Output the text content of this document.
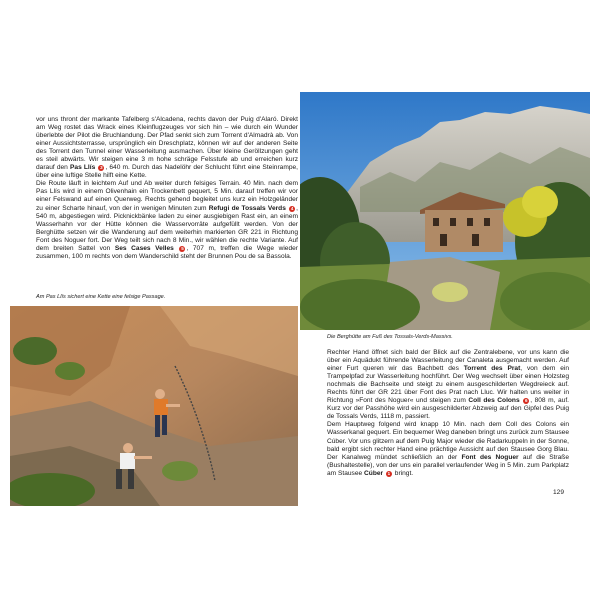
vor uns thront der markante Tafelberg s'Alcadena, rechts davon der Puig d'Alaró. Direkt am Weg rostet das Wrack eines Kleinflugzeuges vor sich hin – wie durch ein Wunder überlebte der Pilot die Bruchlandung. Der Pfad senkt sich zum Torrent d'Almadrà ab. Von einer Aussichtsterrasse, ursprünglich ein Dreschplatz, können wir auf der anderen Seite des Torrent den Tunnel einer Wasserleitung ausmachen. Über kleine Geröllzungen geht es steil abwärts. Wir steigen eine 3 m hohe schräge Felsstufe ab und erreichen kurz darauf den Pas Llís 3 , 640 m. Durch das Nadelöhr der Schlucht führt eine Steinrampe, über eine luftige Stelle hilft eine Kette.

Die Route läuft in leichtem Auf und Ab weiter durch felsiges Terrain. 40 Min. nach dem Pas Llís wird in einem Olivenhain ein Trockenbett gequert, 5 Min. darauf treffen wir vor einer Felswand auf einen Querweg. Rechts gehend begleitet uns kurz ein Holzgeländer zu einer Scharte hinauf, von der in wenigen Minuten zum Refugi de Tossals Verds 4 , 540 m, abgestiegen wird. Picknickbänke laden zu einer ausgiebigen Rast ein, an einem Wasserhahn vor der Hütte können die Wasservorräte aufgefüllt werden. Von der Berghütte setzen wir die Wanderung auf dem weiterhin markierten GR 221 in Richtung Font des Noguer fort. Der Weg teilt sich nach 8 Min., wir wählen die rechte Variante. Auf dem breiten Sattel von Ses Cases Velles 5 , 707 m, treffen die Wege wieder zusammen, 100 m rechts von dem Wanderschild steht der Brunnen Pou de sa Bassola.

Am Pas Llís sichert eine Kette eine felsige Passage.
Die Berghütte am Fuß des Tossals-Verds-Massivs.

Rechter Hand öffnet sich bald der Blick auf die Zentralebene, vor uns kann die über ein Aquädukt führende Wasserleitung der Canaleta ausgemacht werden. Auf einer Furt queren wir das Bachbett des Torrent des Prat, von dem ein Trampelpfad zur Wasserleitung hochführt. Der Weg wechselt über einen Holzsteg nochmals die Bachseite und steigt zu einem ausgeschilderten Wegdreieck auf. Rechts führt der GR 221 über Font des Prat nach Lluc. Wir halten uns weiter in Richtung »Font des Noguer« und steigen zum Coll des Colons 6 , 808 m, auf. Kurz vor der Passhöhe wird ein ausgeschilderter Abzweig auf den Gipfel des Puig de Tossals Verds, 1118 m, passiert.

Dem Hauptweg folgend wird knapp 10 Min. nach dem Coll des Colons ein Wasserkanal gequert. Ein bequemer Weg daneben bringt uns zurück zum Stausee Cúber. Vor uns glitzern auf dem Puig Major wieder die Radarkuppeln in der Sonne, bald ergibt sich rechter Hand eine prächtige Aussicht auf den Stausee Gorg Blau. Der Kanalweg mündet schließlich an der Font des Noguer auf die Straße (Bushaltestelle), von der uns ein parallel verlaufender Weg in 5 Min. zum Parkplatz am Stausee Cúber 1 bringt.

129
